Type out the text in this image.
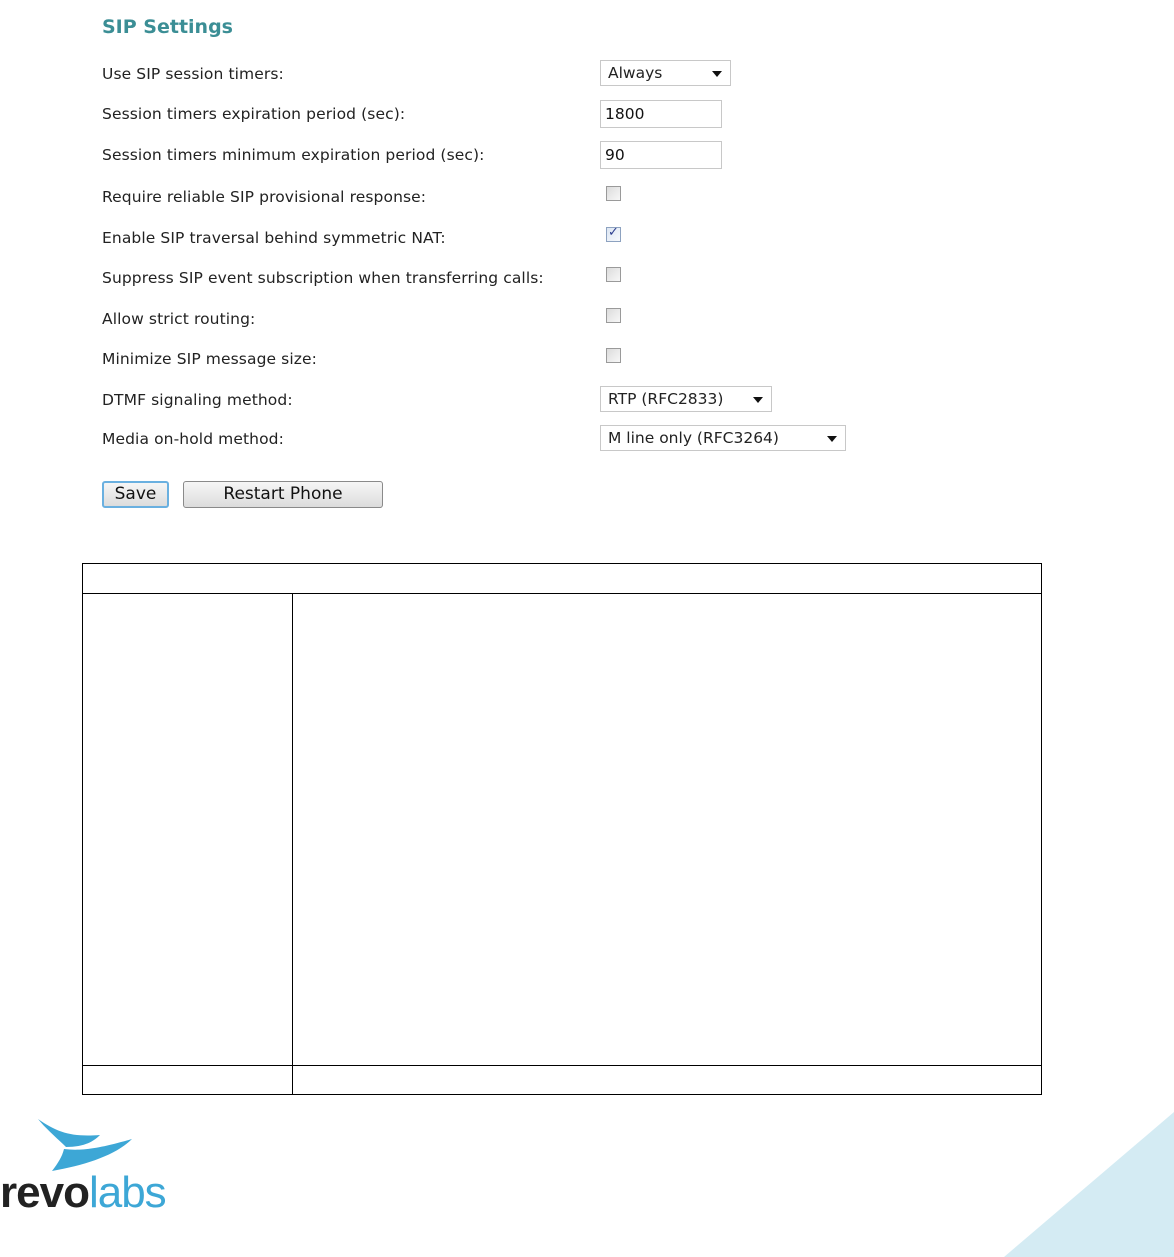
SIP Settings
Use SIP session timers:	Always
Session timers expiration period (sec):	1800
Session timers minimum expiration period (sec):	90
Require reliable SIP provisional response:
Enable SIP traversal behind symmetric NAT:	✓
Suppress SIP event subscription when transferring calls:
Allow strict routing:
Minimize SIP message size:
DTMF signaling method:	RTP (RFC2833)
Media on-hold method:	M line only (RFC3264)
Save	Restart Phone
revolabs
